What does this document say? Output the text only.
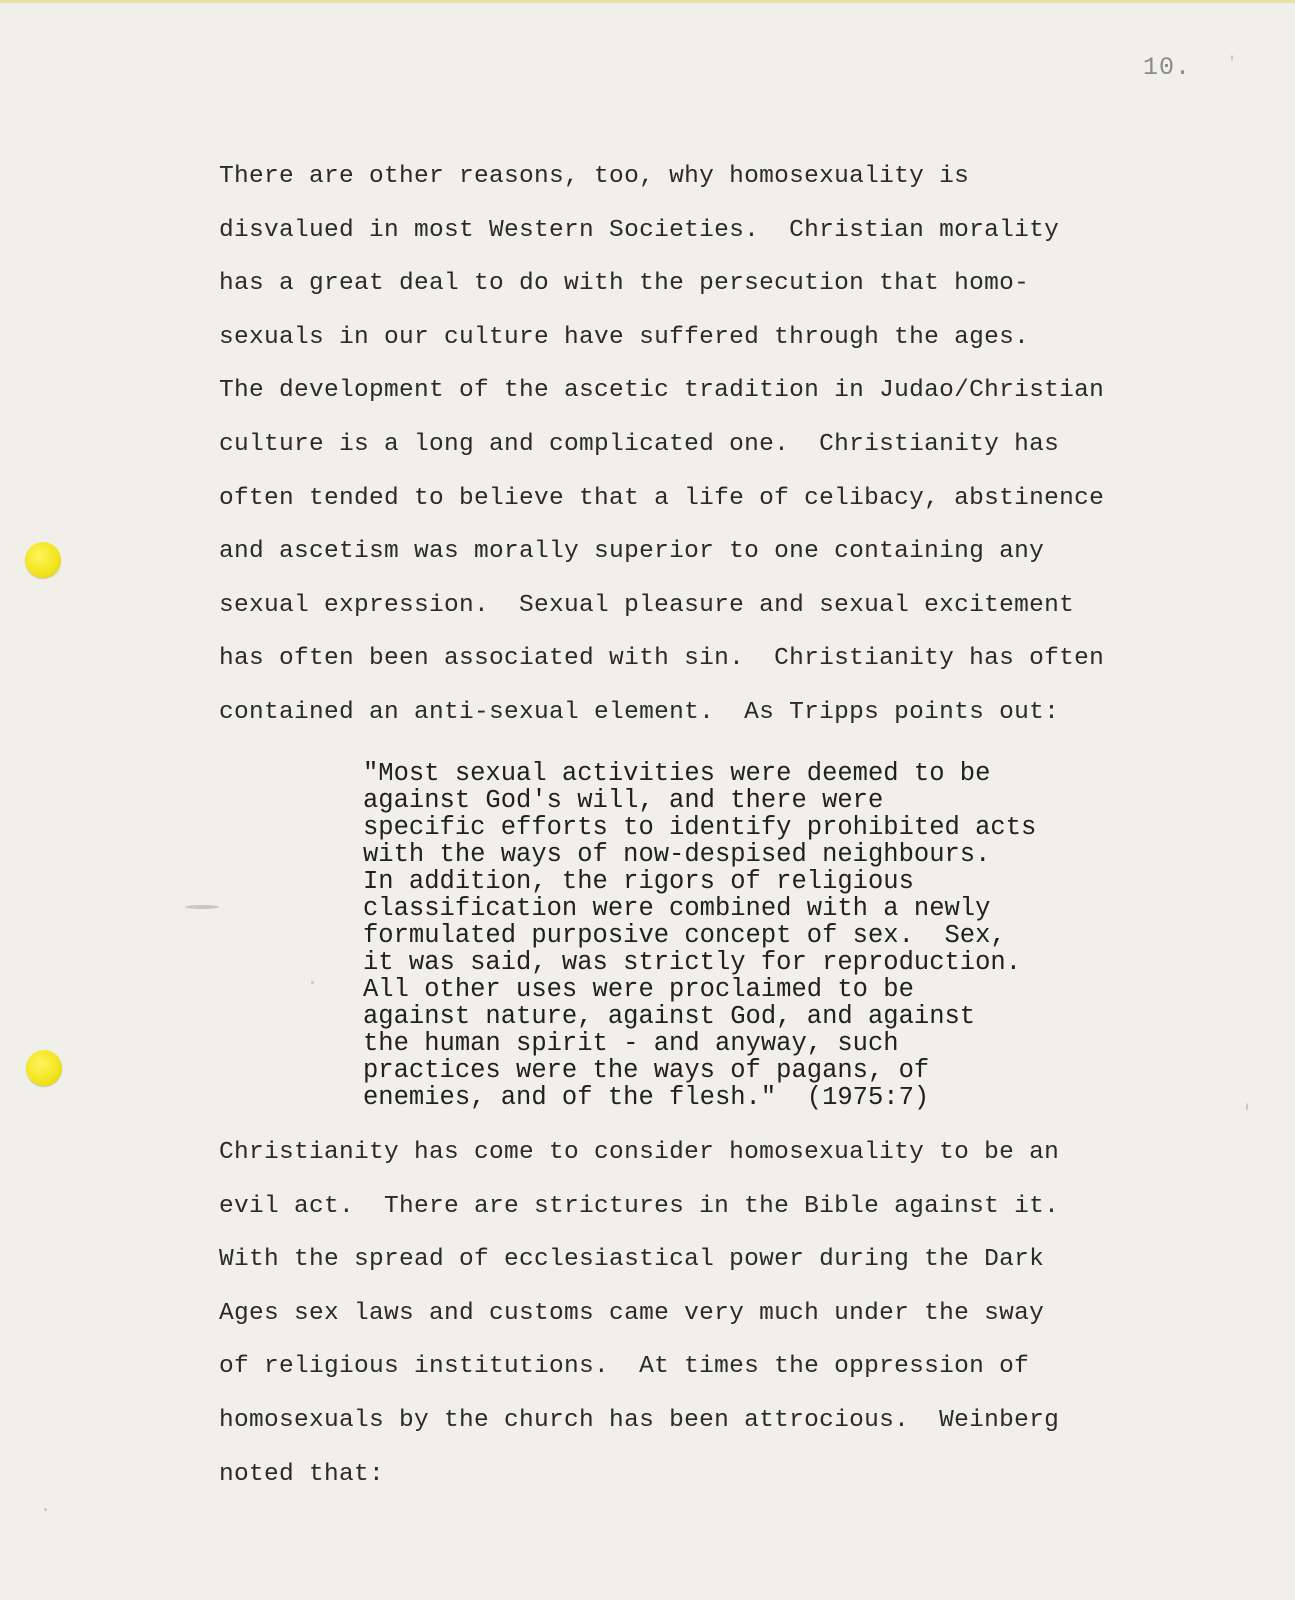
10.
There are other reasons, too, why homosexuality is
disvalued in most Western Societies.  Christian morality
has a great deal to do with the persecution that homo-
sexuals in our culture have suffered through the ages.
The development of the ascetic tradition in Judao/Christian
culture is a long and complicated one.  Christianity has
often tended to believe that a life of celibacy, abstinence
and ascetism was morally superior to one containing any
sexual expression.  Sexual pleasure and sexual excitement
has often been associated with sin.  Christianity has often
contained an anti-sexual element.  As Tripps points out:
"Most sexual activities were deemed to be
against God's will, and there were
specific efforts to identify prohibited acts
with the ways of now-despised neighbours.
In addition, the rigors of religious
classification were combined with a newly
formulated purposive concept of sex.  Sex,
it was said, was strictly for reproduction.
All other uses were proclaimed to be
against nature, against God, and against
the human spirit - and anyway, such
practices were the ways of pagans, of
enemies, and of the flesh."  (1975:7)
Christianity has come to consider homosexuality to be an
evil act.  There are strictures in the Bible against it.
With the spread of ecclesiastical power during the Dark
Ages sex laws and customs came very much under the sway
of religious institutions.  At times the oppression of
homosexuals by the church has been attrocious.  Weinberg
noted that:
